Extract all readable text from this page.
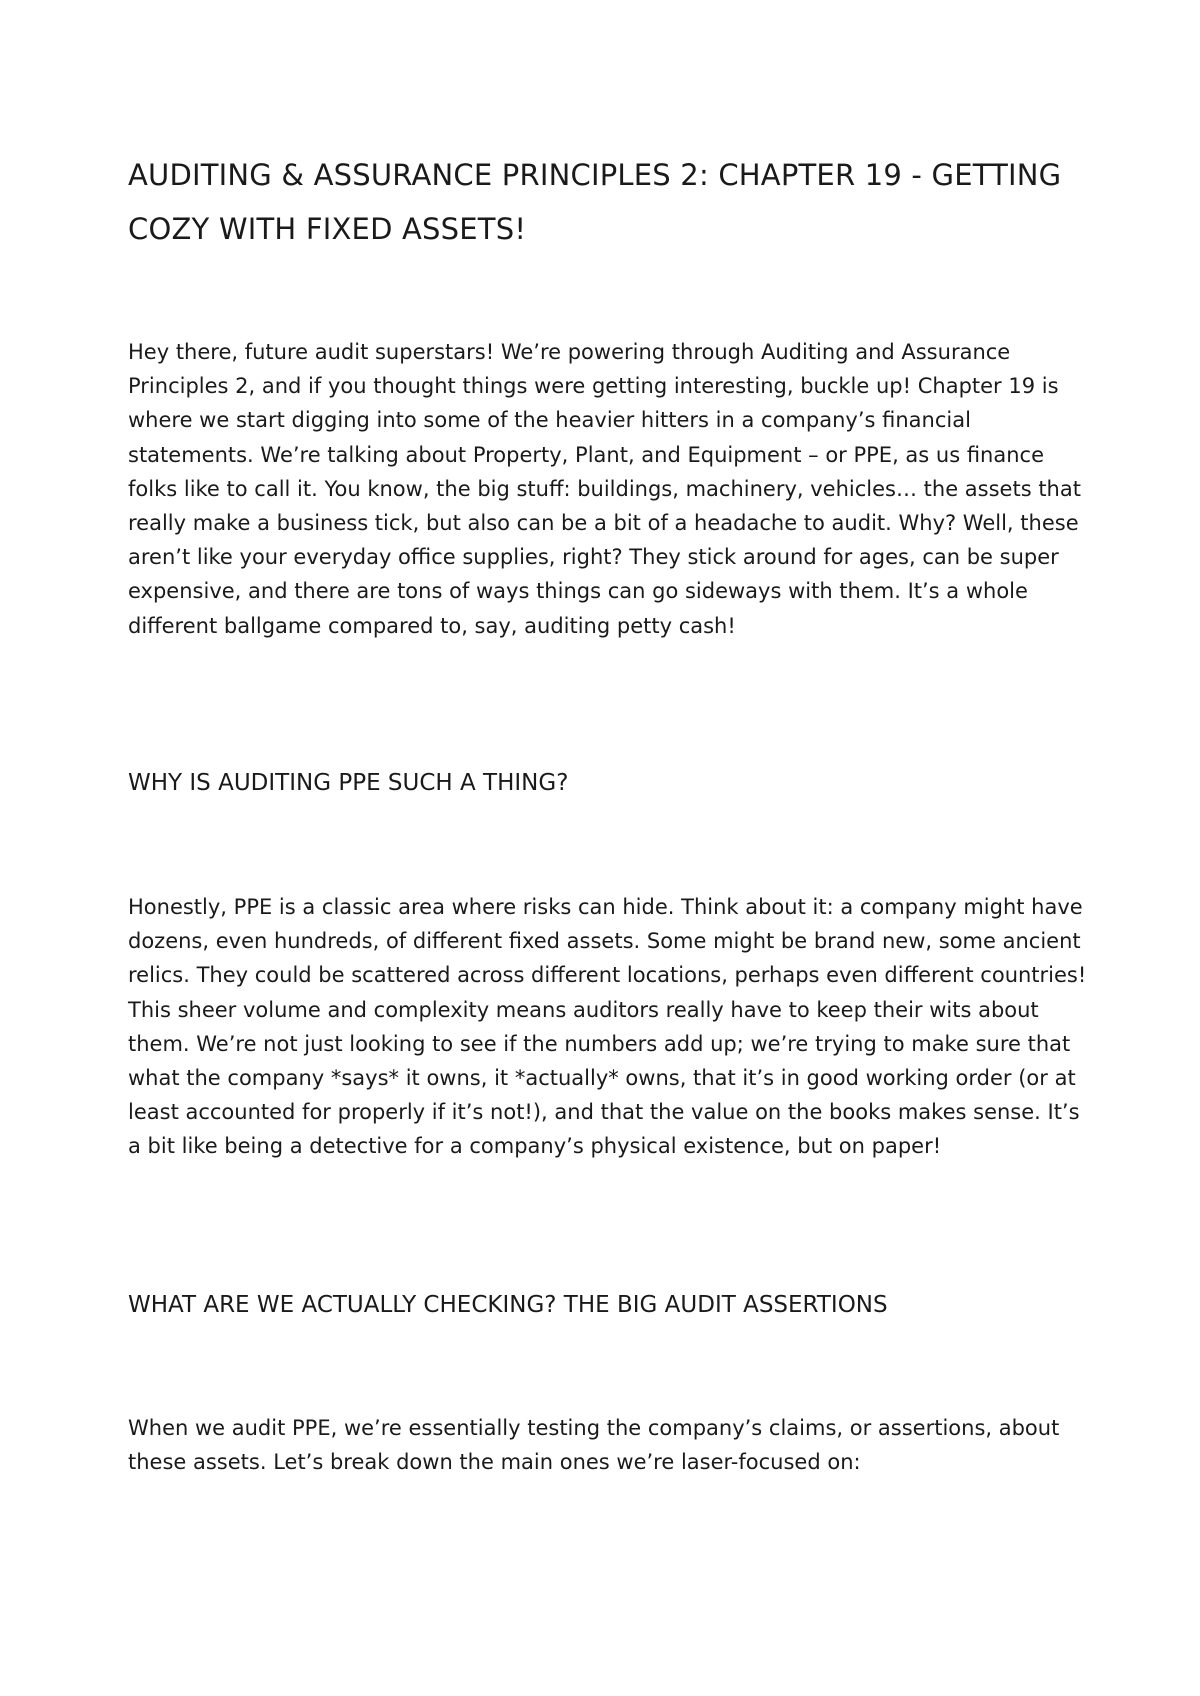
AUDITING & ASSURANCE PRINCIPLES 2: CHAPTER 19 - GETTING COZY WITH FIXED ASSETS!

Hey there, future audit superstars! We’re powering through Auditing and Assurance Principles 2, and if you thought things were getting interesting, buckle up! Chapter 19 is where we start digging into some of the heavier hitters in a company’s financial statements. We’re talking about Property, Plant, and Equipment – or PPE, as us finance folks like to call it. You know, the big stuff: buildings, machinery, vehicles… the assets that really make a business tick, but also can be a bit of a headache to audit. Why? Well, these aren’t like your everyday office supplies, right? They stick around for ages, can be super expensive, and there are tons of ways things can go sideways with them. It’s a whole different ballgame compared to, say, auditing petty cash!

WHY IS AUDITING PPE SUCH A THING?

Honestly, PPE is a classic area where risks can hide. Think about it: a company might have dozens, even hundreds, of different fixed assets. Some might be brand new, some ancient relics. They could be scattered across different locations, perhaps even different countries! This sheer volume and complexity means auditors really have to keep their wits about them. We’re not just looking to see if the numbers add up; we’re trying to make sure that what the company *says* it owns, it *actually* owns, that it’s in good working order (or at least accounted for properly if it’s not!), and that the value on the books makes sense. It’s a bit like being a detective for a company’s physical existence, but on paper!

WHAT ARE WE ACTUALLY CHECKING? THE BIG AUDIT ASSERTIONS

When we audit PPE, we’re essentially testing the company’s claims, or assertions, about these assets. Let’s break down the main ones we’re laser-focused on:
